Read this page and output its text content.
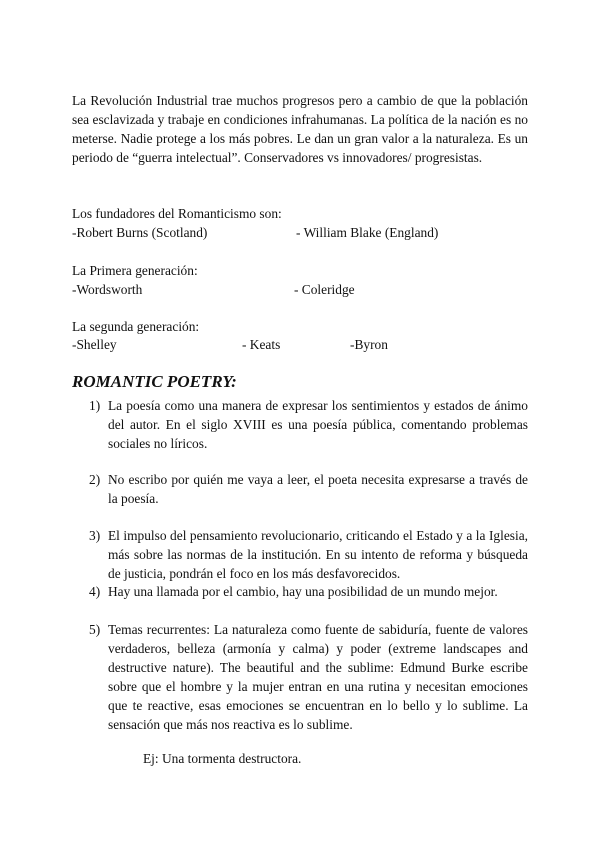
La Revolución Industrial trae muchos progresos pero a cambio de que la población sea esclavizada y trabaje en condiciones infrahumanas. La política de la nación es no meterse. Nadie protege a los más pobres. Le dan un gran valor a la naturaleza. Es un periodo de “guerra intelectual”. Conservadores vs innovadores/ progresistas.

Los fundadores del Romanticismo son:

-Robert Burns (Scotland)	- William Blake (England)

La Primera generación:

-Wordsworth	- Coleridge

La segunda generación:

-Shelley	- Keats	-Byron
ROMANTIC POETRY:
1) La poesía como una manera de expresar los sentimientos y estados de ánimo del autor. En el siglo XVIII es una poesía pública, comentando problemas sociales no líricos.

2) No escribo por quién me vaya a leer, el poeta necesita expresarse a través de la poesía.

3) El impulso del pensamiento revolucionario, criticando el Estado y a la Iglesia, más sobre las normas de la institución. En su intento de reforma y búsqueda de justicia, pondrán el foco en los más desfavorecidos.

4) Hay una llamada por el cambio, hay una posibilidad de un mundo mejor.

5) Temas recurrentes: La naturaleza como fuente de sabiduría, fuente de valores verdaderos, belleza (armonía y calma) y poder (extreme landscapes and destructive nature). The beautiful and the sublime: Edmund Burke escribe sobre que el hombre y la mujer entran en una rutina y necesitan emociones que te reactive, esas emociones se encuentran en lo bello y lo sublime. La sensación que más nos reactiva es lo sublime.

Ej: Una tormenta destructora.
